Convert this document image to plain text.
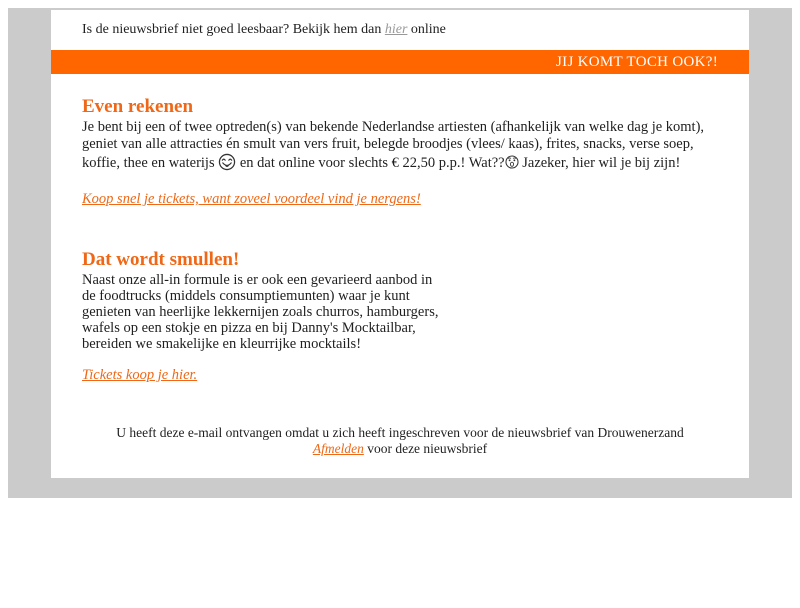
Is de nieuwsbrief niet goed leesbaar? Bekijk hem dan hier online
JIJ KOMT TOCH OOK?!
Even rekenen

Je bent bij een of twee optreden(s) van bekende Nederlandse artiesten (afhankelijk van welke dag je komt), geniet van alle attracties én smult van vers fruit, belegde broodjes (vlees/ kaas), frites, snacks, verse soep, koffie, thee en waterijs  en dat online voor slechts € 22,50 p.p.! Wat?? Jazeker, hier wil je bij zijn!

Koop snel je tickets, want zoveel voordeel vind je nergens!
Dat wordt smullen!

Naast onze all-in formule is er ook een gevarieerd aanbod in de foodtrucks (middels consumptiemunten) waar je kunt genieten van heerlijke lekkernijen zoals churros, hamburgers, wafels op een stokje en pizza en bij Danny's Mocktailbar, bereiden we smakelijke en kleurrijke mocktails!

Tickets koop je hier.
U heeft deze e-mail ontvangen omdat u zich heeft ingeschreven voor de nieuwsbrief van Drouwenerzand
Afmelden voor deze nieuwsbrief
